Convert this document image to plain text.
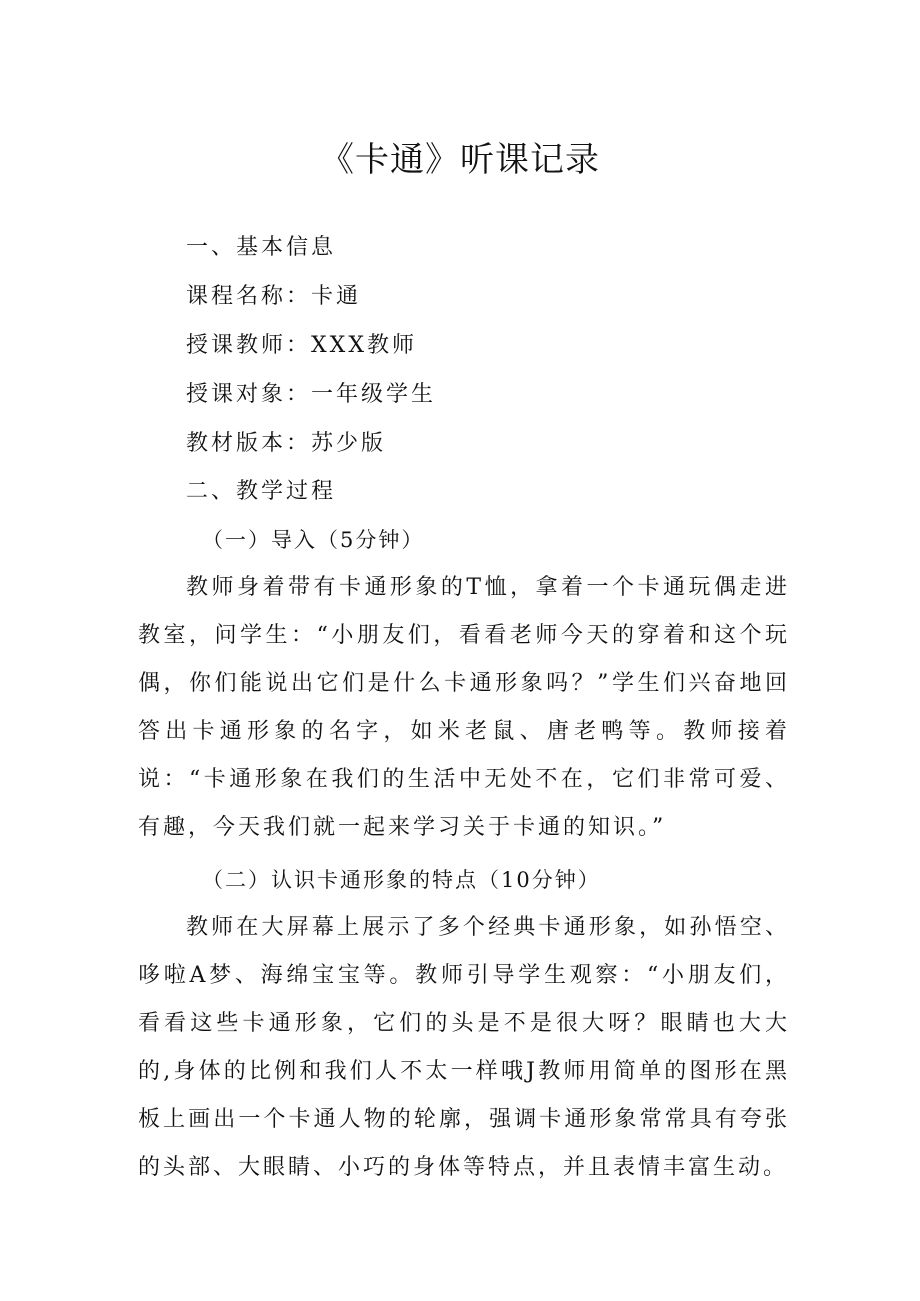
《卡通》听课记录
一、基本信息
课程名称：卡通
授课教师：XXX教师
授课对象：一年级学生
教材版本：苏少版
二、教学过程
（一）导入（5分钟）

教师身着带有卡通形象的T恤，拿着一个卡通玩偶走进教室，问学生：“小朋友们，看看老师今天的穿着和这个玩偶，你们能说出它们是什么卡通形象吗？”学生们兴奋地回答出卡通形象的名字，如米老鼠、唐老鸭等。教师接着说：“卡通形象在我们的生活中无处不在，它们非常可爱、有趣，今天我们就一起来学习关于卡通的知识。”

（二）认识卡通形象的特点（10分钟）

教师在大屏幕上展示了多个经典卡通形象，如孙悟空、哆啦A梦、海绵宝宝等。教师引导学生观察：“小朋友们，看看这些卡通形象，它们的头是不是很大呀？眼睛也大大的,身体的比例和我们人不太一样哦J教师用简单的图形在黑板上画出一个卡通人物的轮廓，强调卡通形象常常具有夸张的头部、大眼睛、小巧的身体等特点，并且表情丰富生动。
